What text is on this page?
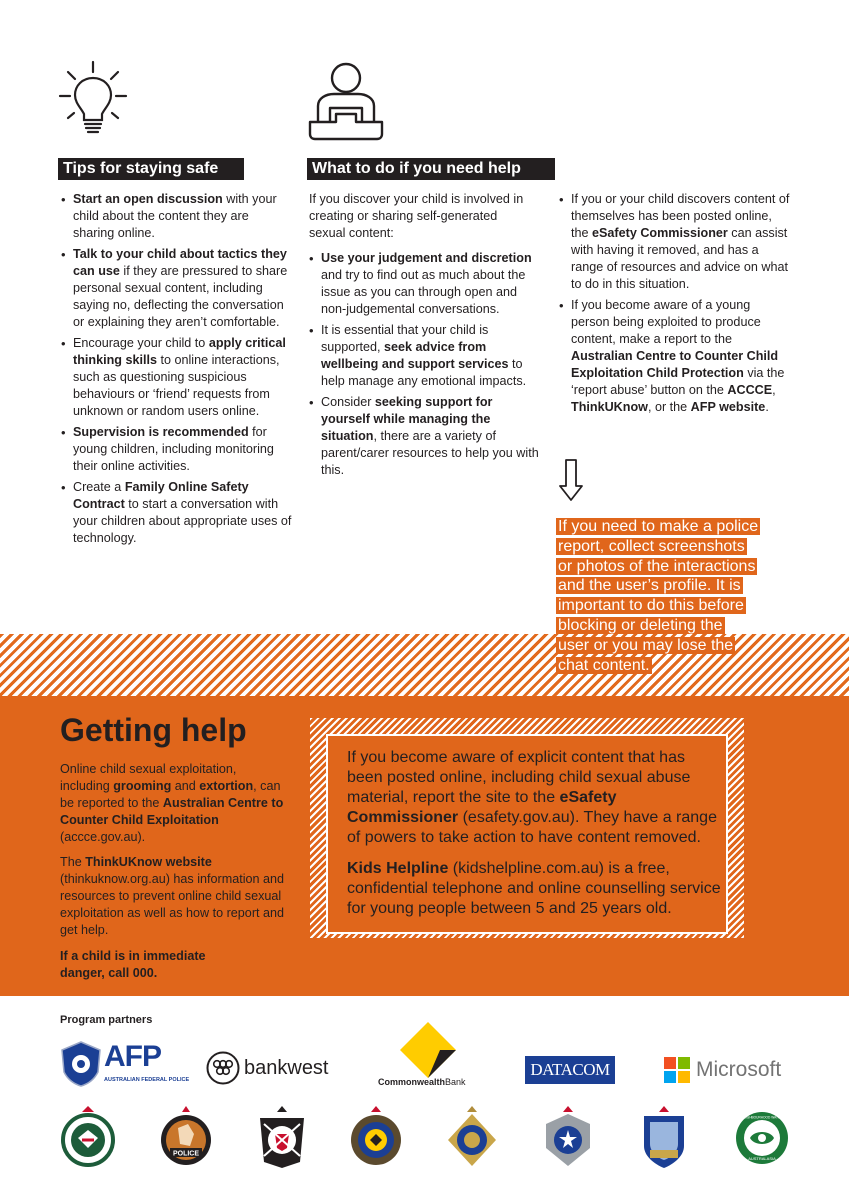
Tips for staying safe	What to do if you need help
• Start an open discussion with your child about the content they are sharing online.
• Talk to your child about tactics they can use if they are pressured to share personal sexual content, including saying no, deflecting the conversation or explaining they aren’t comfortable.
• Encourage your child to apply critical thinking skills to online interactions, such as questioning suspicious behaviours or ‘friend’ requests from unknown or random users online.
• Supervision is recommended for young children, including monitoring their online activities.
• Create a Family Online Safety Contract to start a conversation with your children about appropriate uses of technology.
If you discover your child is involved in creating or sharing self-generated sexual content:
• Use your judgement and discretion and try to find out as much about the issue as you can through open and non-judgemental conversations.
• It is essential that your child is supported, seek advice from wellbeing and support services to help manage any emotional impacts.
• Consider seeking support for yourself while managing the situation, there are a variety of parent/carer resources to help you with this.
• If you or your child discovers content of themselves has been posted online, the eSafety Commissioner can assist with having it removed, and has a range of resources and advice on what to do in this situation.
• If you become aware of a young person being exploited to produce content, make a report to the Australian Centre to Counter Child Exploitation Child Protection via the ‘report abuse’ button on the ACCCE, ThinkUKnow, or the AFP website.
If you need to make a police
report, collect screenshots
or photos of the interactions
and the user’s profile. It is
important to do this before
blocking or deleting the
user or you may lose the
chat content.
Getting help
Online child sexual exploitation, including grooming and extortion, can be reported to the Australian Centre to Counter Child Exploitation (accce.gov.au).
The ThinkUKnow website (thinkuknow.org.au) has information and resources to prevent online child sexual exploitation as well as how to report and get help.
If a child is in immediate danger, call 000.
If you become aware of explicit content that has been posted online, including child sexual abuse material, report the site to the eSafety Commissioner (esafety.gov.au). They have a range of powers to take action to have content removed.
Kids Helpline (kidshelpline.com.au) is a free, confidential telephone and online counselling service for young people between 5 and 25 years old.
Program partners
AFP
AUSTRALIAN FEDERAL POLICE
bankwest
CommonwealthBank
DATACOM	Microsoft
POLICE
AUSTRALASIA
NEIGHBOURHOOD WATCH
